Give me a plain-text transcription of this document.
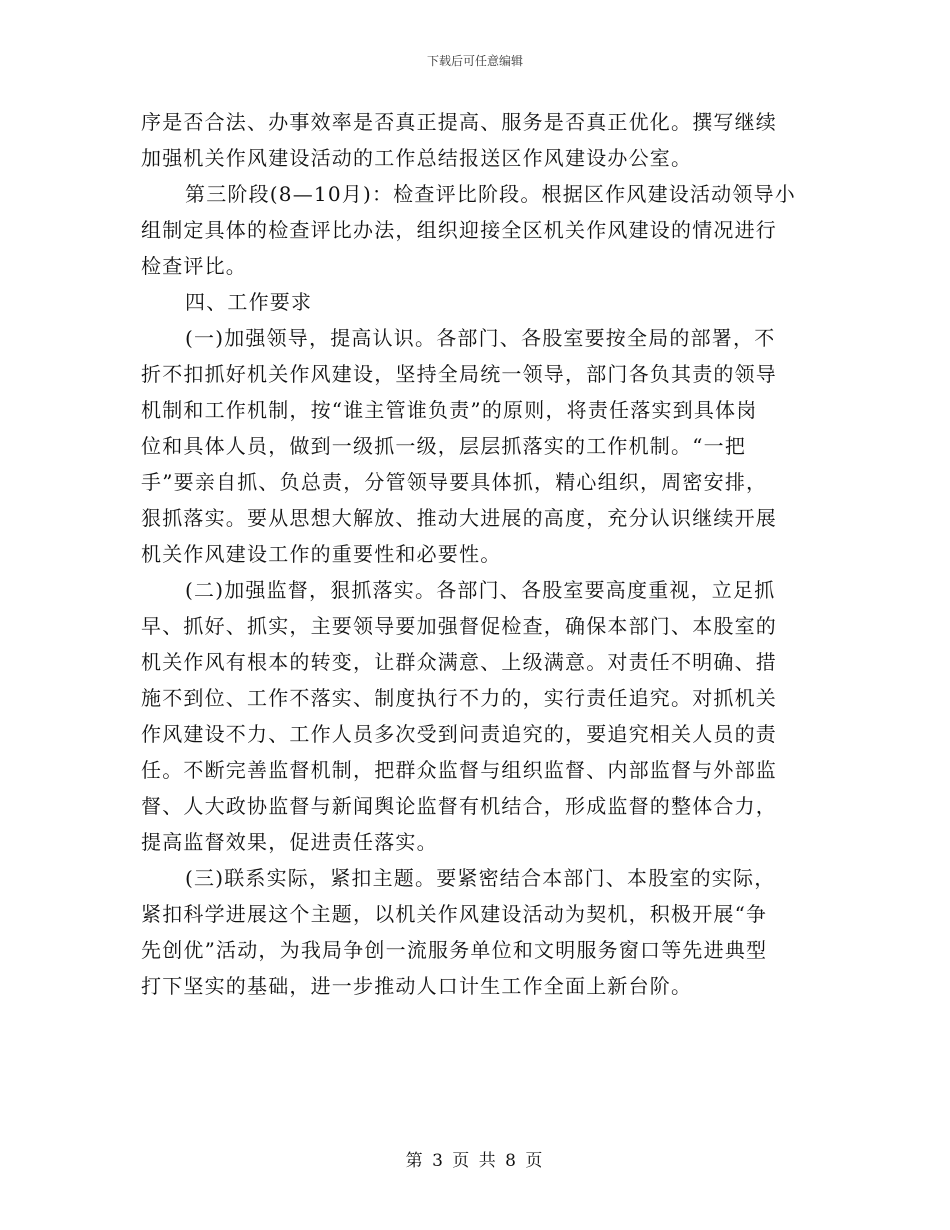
下载后可任意编辑
序是否合法、办事效率是否真正提高、服务是否真正优化。撰写继续
加强机关作风建设活动的工作总结报送区作风建设办公室。
第三阶段(8—10月)：检查评比阶段。根据区作风建设活动领导小
组制定具体的检查评比办法，组织迎接全区机关作风建设的情况进行
检查评比。
四、工作要求
(一)加强领导，提高认识。各部门、各股室要按全局的部署，不
折不扣抓好机关作风建设，坚持全局统一领导，部门各负其责的领导
机制和工作机制，按“谁主管谁负责”的原则，将责任落实到具体岗
位和具体人员，做到一级抓一级，层层抓落实的工作机制。“一把
手”要亲自抓、负总责，分管领导要具体抓，精心组织，周密安排，
狠抓落实。要从思想大解放、推动大进展的高度，充分认识继续开展
机关作风建设工作的重要性和必要性。
(二)加强监督，狠抓落实。各部门、各股室要高度重视，立足抓
早、抓好、抓实，主要领导要加强督促检查，确保本部门、本股室的
机关作风有根本的转变，让群众满意、上级满意。对责任不明确、措
施不到位、工作不落实、制度执行不力的，实行责任追究。对抓机关
作风建设不力、工作人员多次受到问责追究的，要追究相关人员的责
任。不断完善监督机制，把群众监督与组织监督、内部监督与外部监
督、人大政协监督与新闻舆论监督有机结合，形成监督的整体合力，
提高监督效果，促进责任落实。
(三)联系实际，紧扣主题。要紧密结合本部门、本股室的实际，
紧扣科学进展这个主题，以机关作风建设活动为契机，积极开展“争
先创优”活动，为我局争创一流服务单位和文明服务窗口等先进典型
打下坚实的基础，进一步推动人口计生工作全面上新台阶。
第 3 页 共 8 页
